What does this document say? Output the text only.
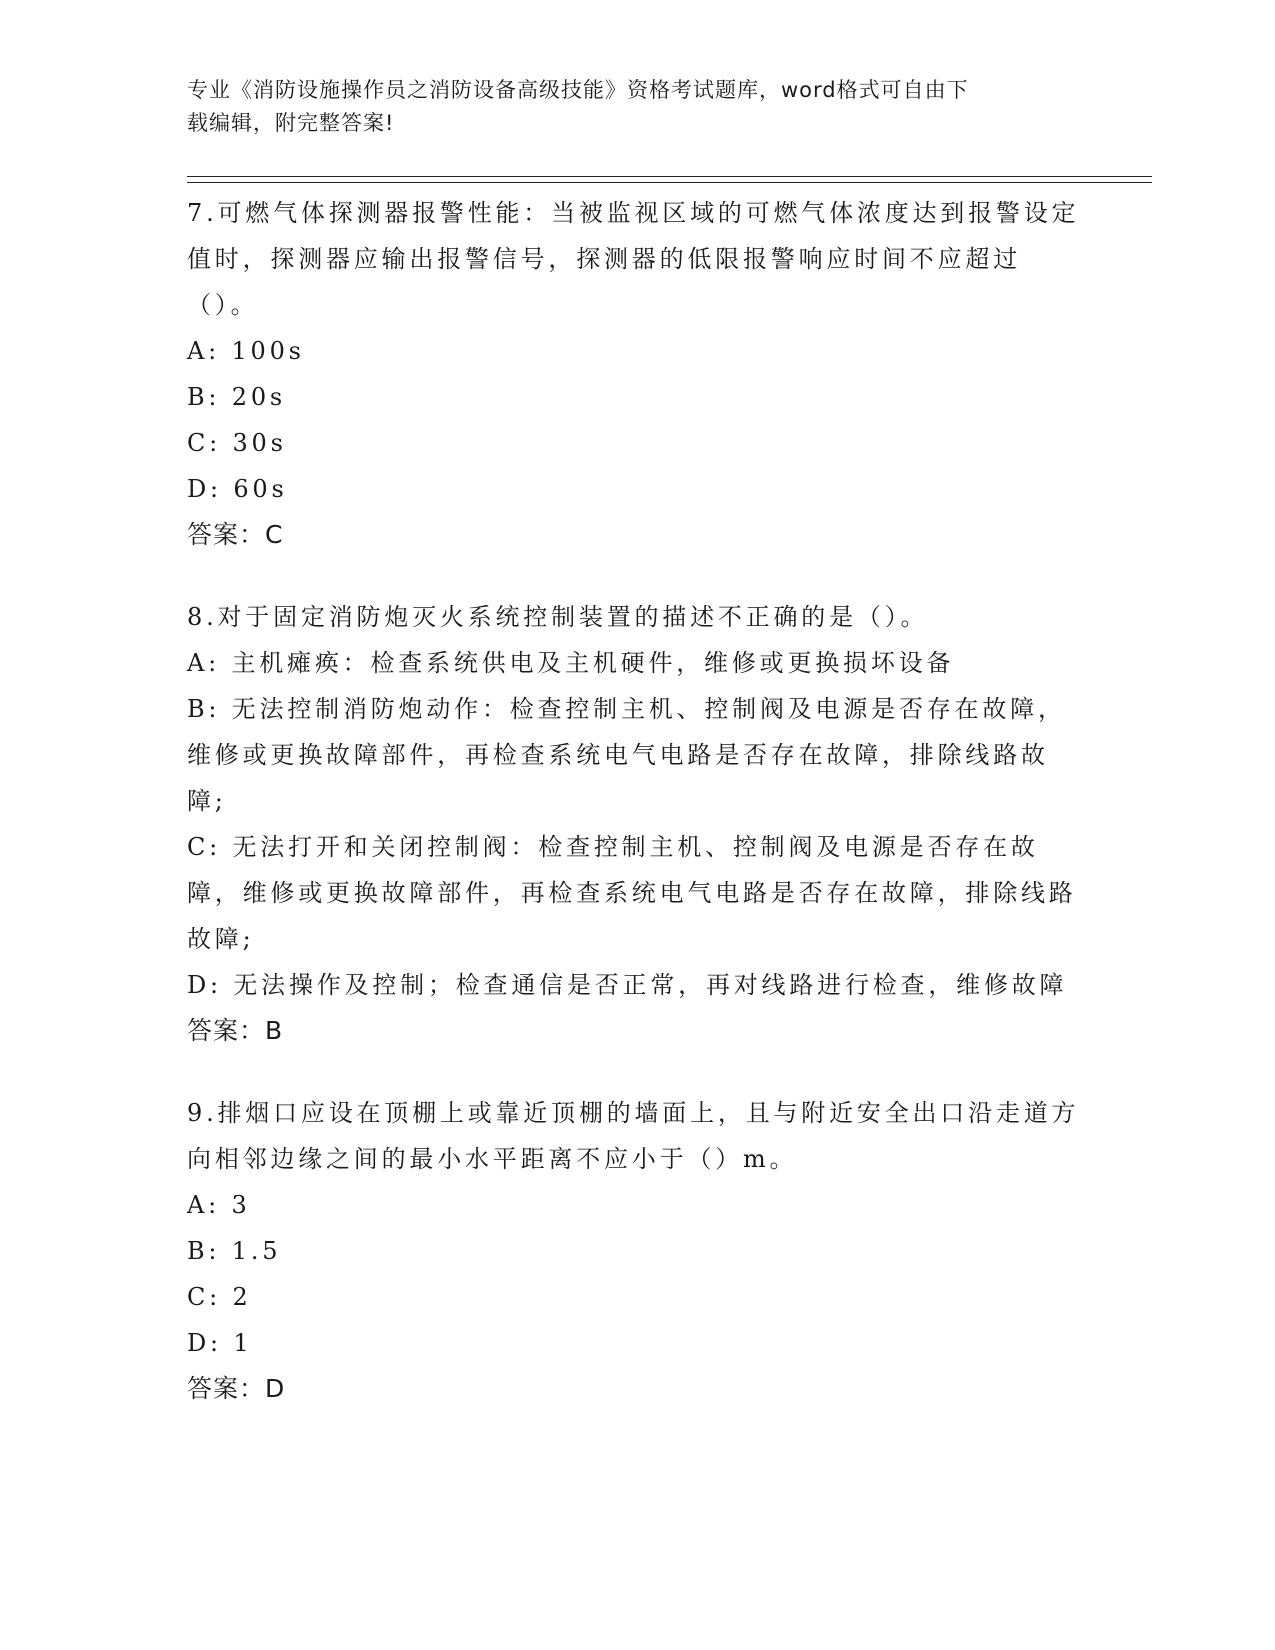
专业《消防设施操作员之消防设备高级技能》资格考试题库，word格式可自由下
载编辑，附完整答案!
7.可燃气体探测器报警性能：当被监视区域的可燃气体浓度达到报警设定值时，探测器应输出报警信号，探测器的低限报警响应时间不应超过（）。
A: 100s
B: 20s
C: 30s
D: 60s
答案：C
8.对于固定消防炮灭火系统控制装置的描述不正确的是（）。
A: 主机瘫痪：检查系统供电及主机硬件，维修或更换损坏设备
B: 无法控制消防炮动作：检查控制主机、控制阀及电源是否存在故障，维修或更换故障部件，再检查系统电气电路是否存在故障，排除线路故障;
C: 无法打开和关闭控制阀：检查控制主机、控制阀及电源是否存在故障，维修或更换故障部件，再检查系统电气电路是否存在故障，排除线路故障;
D: 无法操作及控制；检查通信是否正常，再对线路进行检查，维修故障
答案：B
9.排烟口应设在顶棚上或靠近顶棚的墙面上，且与附近安全出口沿走道方向相邻边缘之间的最小水平距离不应小于（）m。
A: 3
B: 1.5
C: 2
D: 1
答案：D
